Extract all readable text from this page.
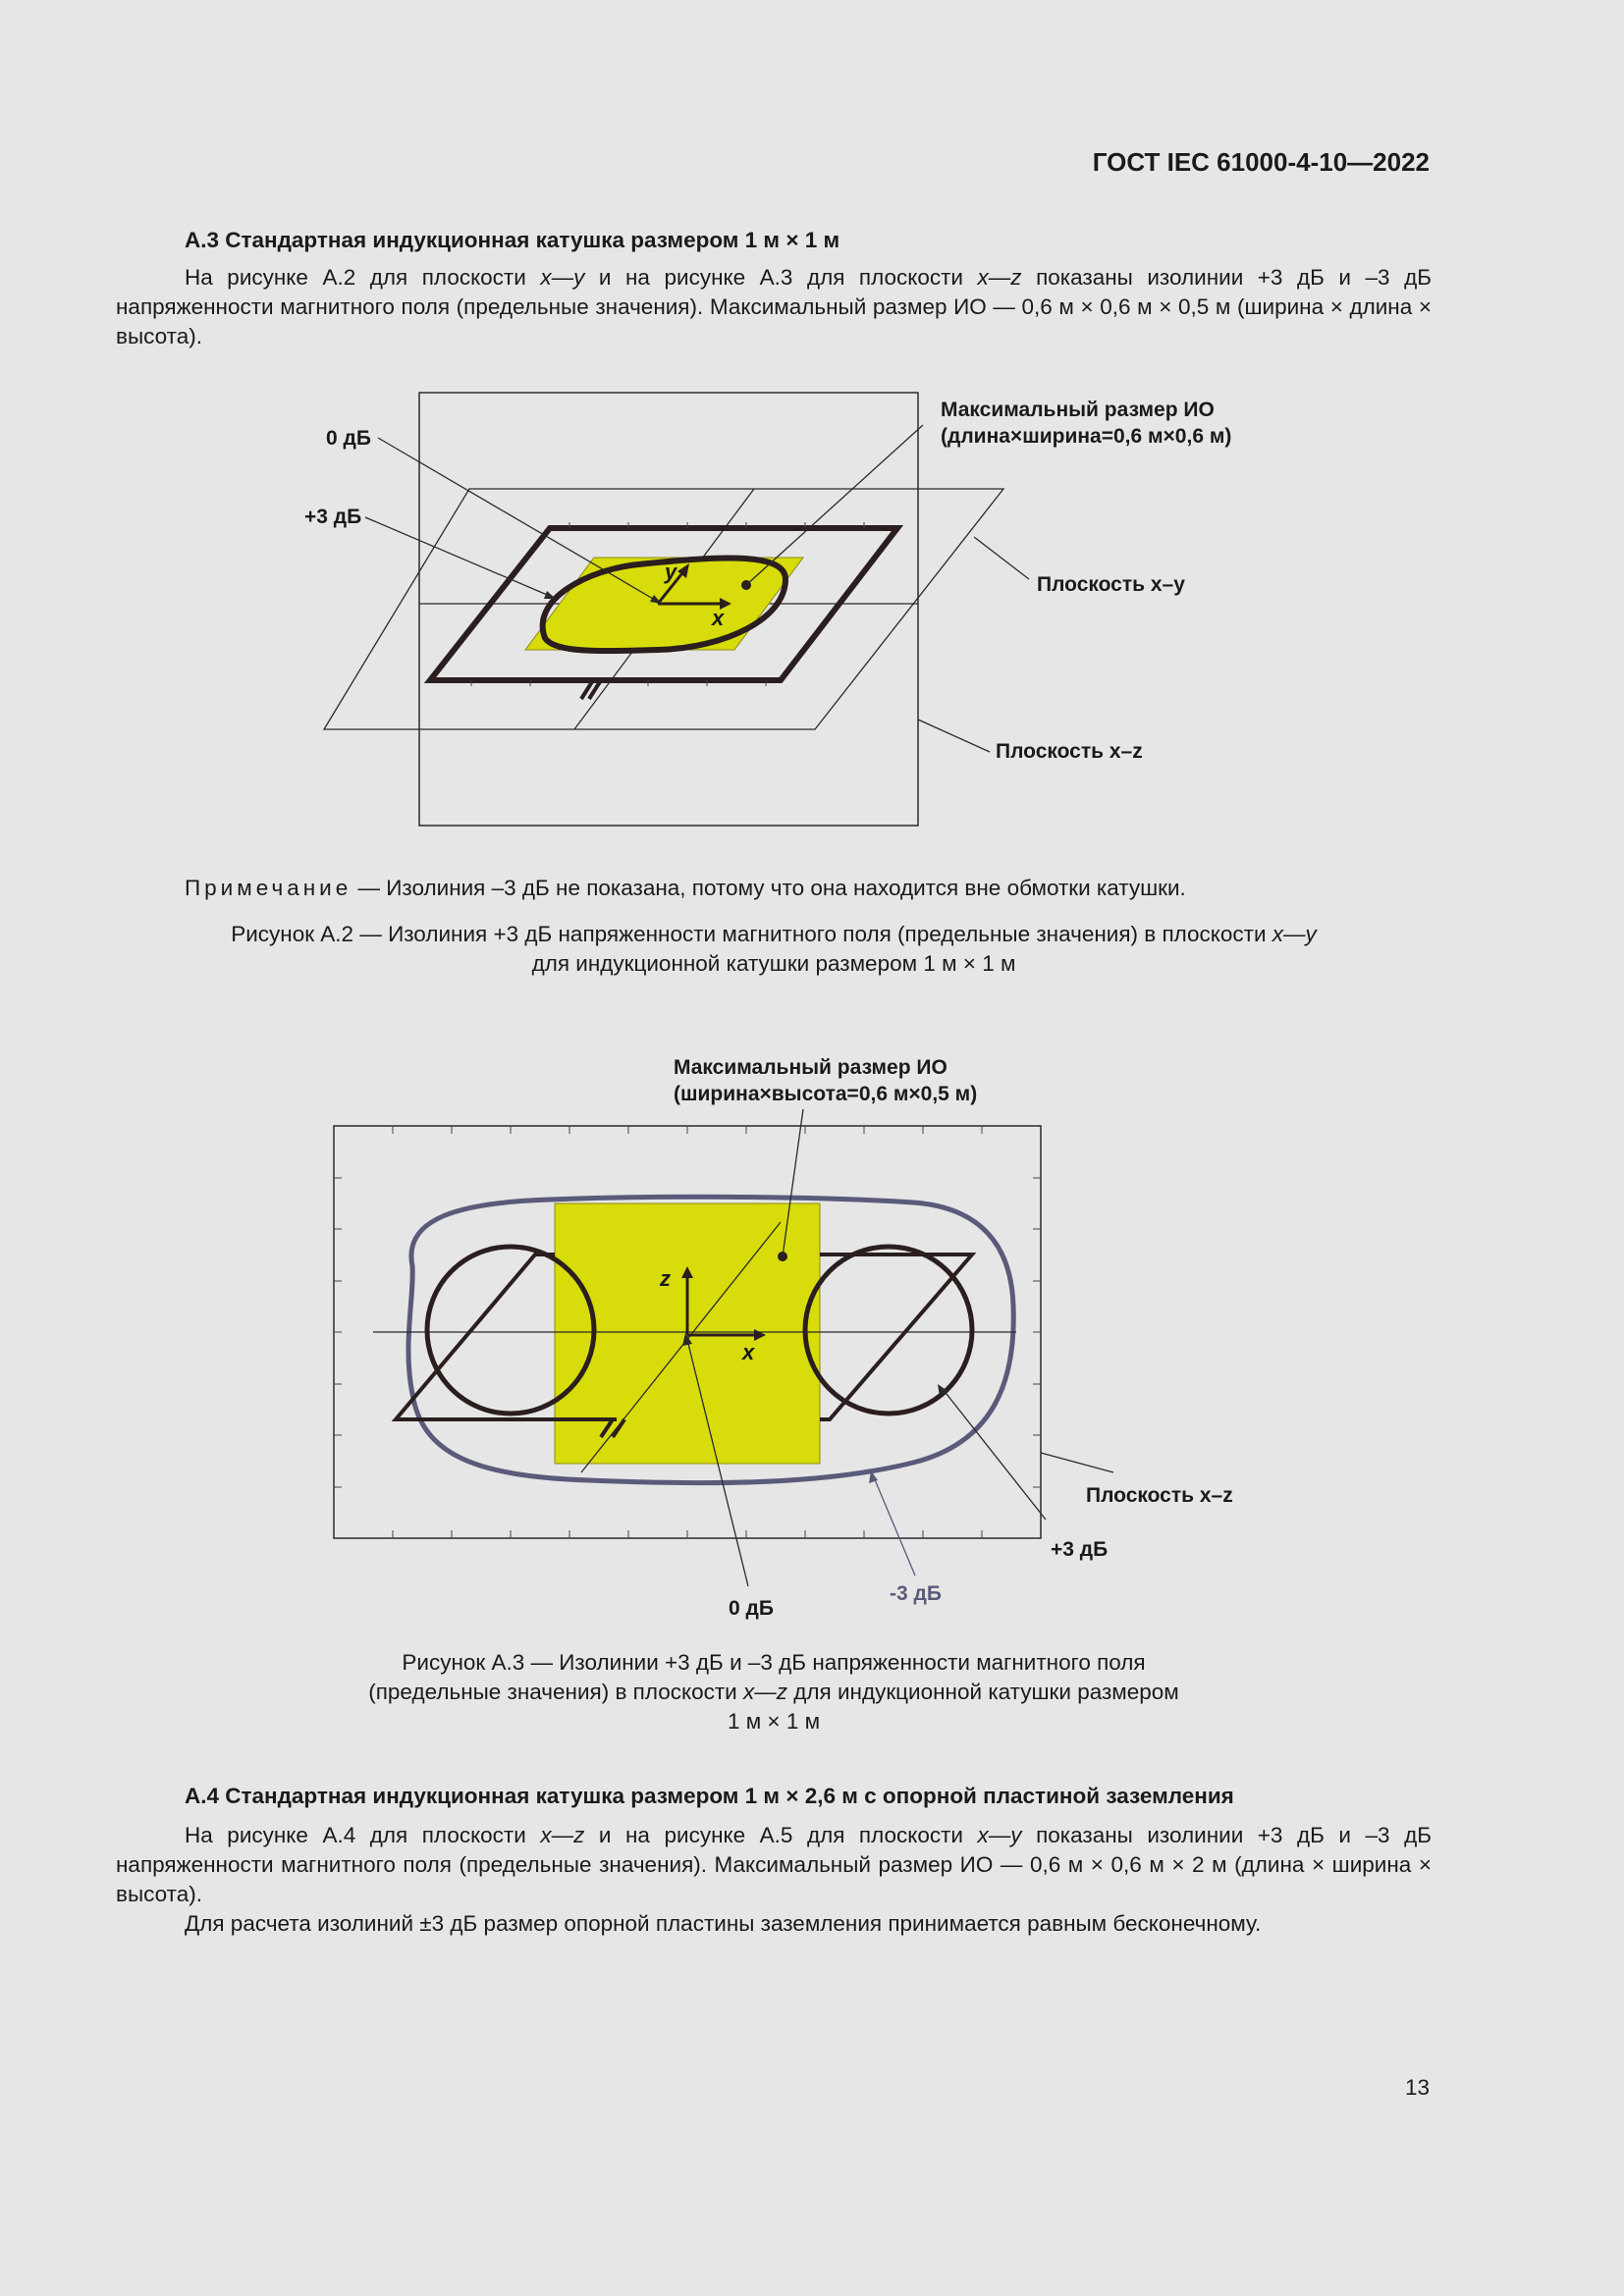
ГОСТ IEC 61000-4-10—2022
А.3 Стандартная индукционная катушка размером 1 м × 1 м

На рисунке А.2 для плоскости x—y и на рисунке А.3 для плоскости x—z показаны изолинии +3 дБ и –3 дБ напряженности магнитного поля (предельные значения). Максимальный размер ИО — 0,6 м × 0,6 м × 0,5 м (ширина × длина × высота).

y
x
0 дБ
+3 дБ
Максимальный размер ИО
(длина×ширина=0,6 м×0,6 м)
Плоскость x–y
Плоскость x–z
Примечание — Изолиния –3 дБ не показана, потому что она находится вне обмотки катушки.
Рисунок А.2 — Изолиния +3 дБ напряженности магнитного поля (предельные значения) в плоскости x—y
для индукционной катушки размером 1 м × 1 м
z
x
Максимальный размер ИО
(ширина×высота=0,6 м×0,5 м)
Плоскость x–z
+3 дБ
-3 дБ
0 дБ
Рисунок А.3 — Изолинии +3 дБ и –3 дБ напряженности магнитного поля
(предельные значения) в плоскости x—z для индукционной катушки размером
1 м × 1 м
А.4 Стандартная индукционная катушка размером 1 м × 2,6 м с опорной пластиной заземления

На рисунке А.4 для плоскости x—z и на рисунке А.5 для плоскости x—y показаны изолинии +3 дБ и –3 дБ напряженности магнитного поля (предельные значения). Максимальный размер ИО — 0,6 м × 0,6 м × 2 м (длина × ширина × высота).

Для расчета изолиний ±3 дБ размер опорной пластины заземления принимается равным бесконечному.

13
